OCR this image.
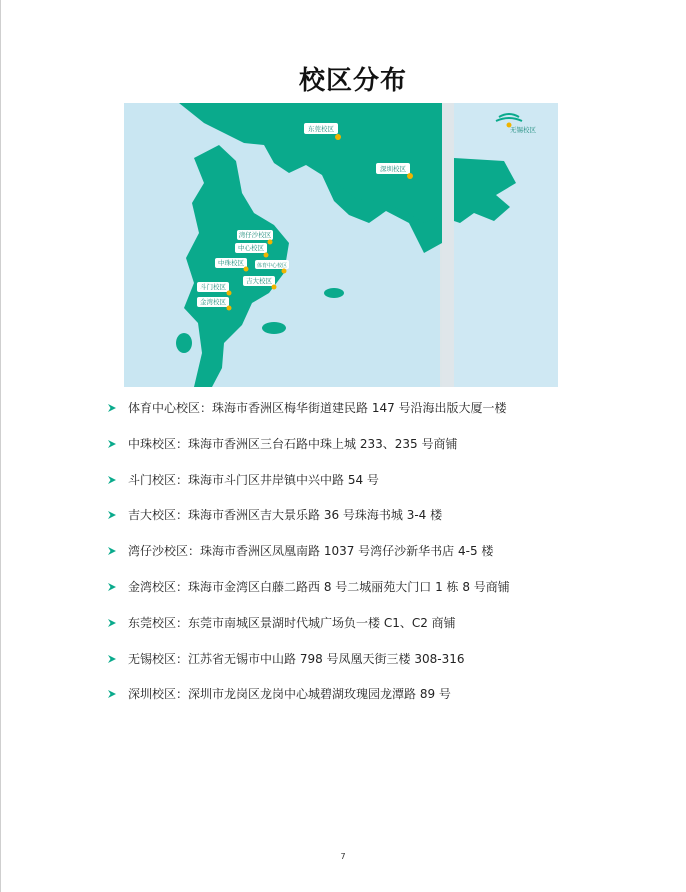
校区分布
东莞校区	无锡校区
深圳校区
湾仔沙校区
中心校区
中珠校区	体育中心校区
吉大校区
斗门校区
金湾校区
体育中心校区：珠海市香洲区梅华街道建民路 147 号沿海出版大厦一楼
中珠校区：珠海市香洲区三台石路中珠上城 233、235 号商铺
斗门校区：珠海市斗门区井岸镇中兴中路 54 号
吉大校区：珠海市香洲区吉大景乐路 36 号珠海书城 3-4 楼
湾仔沙校区：珠海市香洲区凤凰南路 1037 号湾仔沙新华书店 4-5 楼
金湾校区：珠海市金湾区白藤二路西 8 号二城丽苑大门口 1 栋 8 号商铺
东莞校区：东莞市南城区景湖时代城广场负一楼 C1、C2 商铺
无锡校区：江苏省无锡市中山路 798 号凤凰天街三楼 308-316
深圳校区：深圳市龙岗区龙岗中心城碧湖玫瑰园龙潭路 89 号
7
